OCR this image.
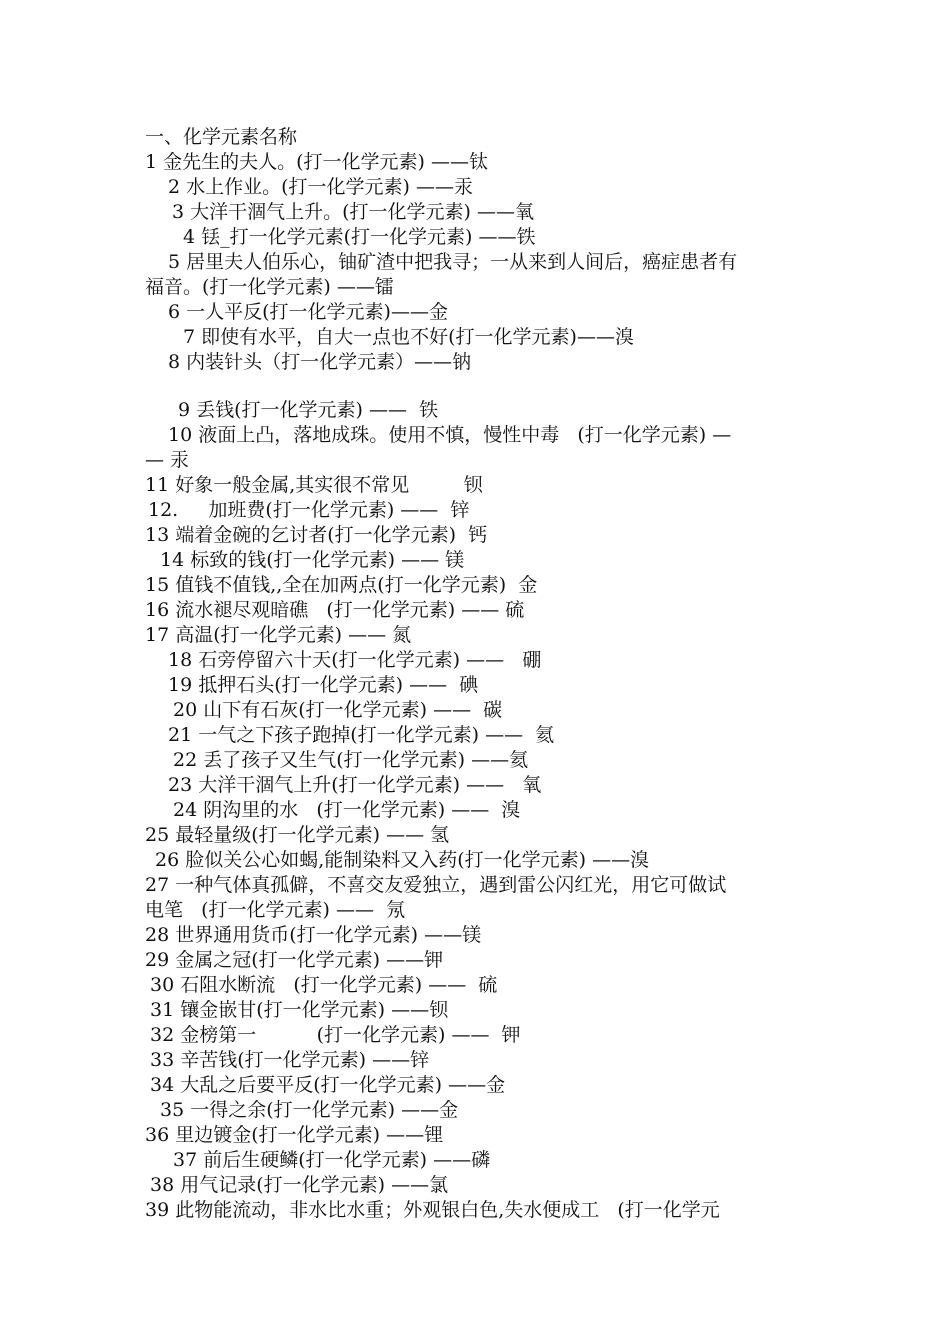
一、化学元素名称
1 金先生的夫人。(打一化学元素) ——钛
2 水上作业。(打一化学元素) ——汞
3 大洋干涸气上升。(打一化学元素) ——氧
4 铥_打一化学元素(打一化学元素) ——铁
5 居里夫人伯乐心，铀矿渣中把我寻；一从来到人间后，癌症患者有
福音。(打一化学元素) ——镭
6 一人平反(打一化学元素)——金
7 即使有水平，自大一点也不好(打一化学元素)——溴
8 内装针头（打一化学元素）——钠
9 丢钱(打一化学元素) ——  铁
10 液面上凸，落地成珠。使用不慎，慢性中毒   (打一化学元素) —
— 汞
11 好象一般金属,其实很不常见         钡
12.     加班费(打一化学元素) ——  锌
13 端着金碗的乞讨者(打一化学元素)  钙
14 标致的钱(打一化学元素) —— 镁
15 值钱不值钱,,全在加两点(打一化学元素)  金
16 流水褪尽观暗礁   (打一化学元素) —— 硫
17 高温(打一化学元素) —— 氮
18 石旁停留六十天(打一化学元素) ——   硼
19 抵押石头(打一化学元素) ——  碘
20 山下有石灰(打一化学元素) ——  碳
21 一气之下孩子跑掉(打一化学元素) ——  氦
22 丢了孩子又生气(打一化学元素) ——氦
23 大洋干涸气上升(打一化学元素) ——   氧
24 阴沟里的水   (打一化学元素) ——  溴
25 最轻量级(打一化学元素) —— 氢
26 脸似关公心如蝎,能制染料又入药(打一化学元素) ——溴
27 一种气体真孤僻，不喜交友爱独立，遇到雷公闪红光，用它可做试
电笔   (打一化学元素) ——  氖
28 世界通用货币(打一化学元素) ——镁
29 金属之冠(打一化学元素) ——钾
30 石阻水断流   (打一化学元素) ——  硫
31 镶金嵌甘(打一化学元素) ——钡
32 金榜第一          (打一化学元素) ——  钾
33 辛苦钱(打一化学元素) ——锌
34 大乱之后要平反(打一化学元素) ——金
35 一得之余(打一化学元素) ——金
36 里边镀金(打一化学元素) ——锂
37 前后生硬鳞(打一化学元素) ——磷
38 用气记录(打一化学元素) ——氯
39 此物能流动，非水比水重；外观银白色,失水便成工   (打一化学元
